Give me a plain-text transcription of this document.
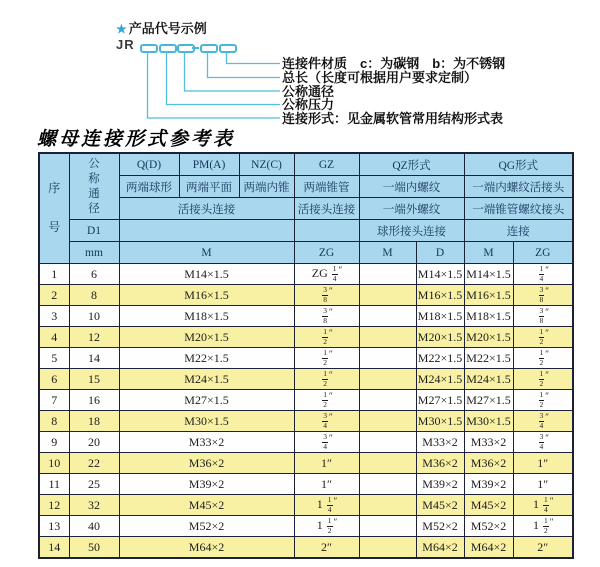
★ 产品代号示例
JR
连接件材质　c：为碳钢　b：为不锈钢
总长（长度可根据用户要求定制）
公称通径
公称压力
连接形式：见金属软管常用结构形式表
螺母连接形式参考表
序
号	公
称
通
径	Q(D)	PM(A)	NZ(C)	GZ	QZ形式		QG形式	
		两端球形	两端平面	两端内锥	两端锥管	一端内螺纹		一端内螺纹活接头	
		活接头连接			活接头连接	一端外螺纹		一端锥管螺纹接头	
	D1					球形接头连接		连接	
	mm	M			ZG	M	D	M	ZG
1	6	M14×1.5			ZG $\frac{1}{4} ''$		M14×1.5	M14×1.5	$\frac{1}{4} ''$
2	8	M16×1.5			$\frac{3}{8} ''$		M16×1.5	M16×1.5	$\frac{3}{8} ''$
3	10	M18×1.5			$\frac{3}{8} ''$		M18×1.5	M18×1.5	$\frac{3}{8} ''$
4	12	M20×1.5			$\frac{1}{2} ''$		M20×1.5	M20×1.5	$\frac{1}{2} ''$
5	14	M22×1.5			$\frac{1}{2} ''$		M22×1.5	M22×1.5	$\frac{1}{2} ''$
6	15	M24×1.5			$\frac{1}{2} ''$		M24×1.5	M24×1.5	$\frac{1}{2} ''$
7	16	M27×1.5			$\frac{1}{2} ''$		M27×1.5	M27×1.5	$\frac{1}{2} ''$
8	18	M30×1.5			$\frac{3}{4} ''$		M30×1.5	M30×1.5	$\frac{3}{4} ''$
9	20	M33×2			$\frac{3}{4} ''$		M33×2	M33×2	$\frac{3}{4} ''$
10	22	M36×2			1″		M36×2	M36×2	1″
11	25	M39×2			1″		M39×2	M39×2	1″
12	32	M45×2			$1 \frac{1}{4} ''$		M45×2	M45×2	$1 \frac{1}{4} ''$
13	40	M52×2			$1 \frac{1}{2} ''$		M52×2	M52×2	$1 \frac{1}{2} ''$
14	50	M64×2			2″		M64×2	M64×2	2″
